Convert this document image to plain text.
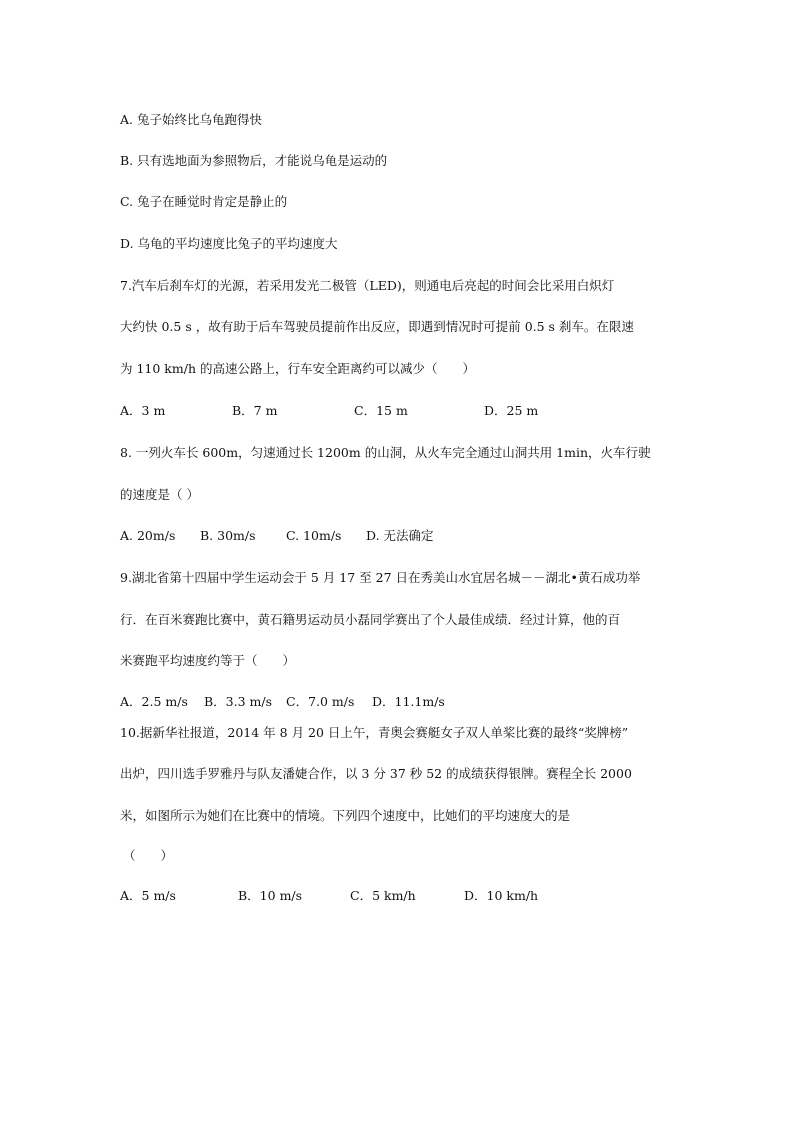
A. 兔子始终比乌龟跑得快
B. 只有选地面为参照物后，才能说乌龟是运动的
C. 兔子在睡觉时肯定是静止的
D. 乌龟的平均速度比兔子的平均速度大
7.汽车后刹车灯的光源，若采用发光二极管（LED)，则通电后亮起的时间会比采用白炽灯
大约快 0.5 s ，故有助于后车驾驶员提前作出反应，即遇到情况时可提前 0.5 s 刹车。在限速
为 110 km/h 的高速公路上，行车安全距离约可以减少（　　）
A．3 m	B．7 m	C．15 m	D．25 m
8. 一列火车长 600m，匀速通过长 1200m 的山洞，从火车完全通过山洞共用 1min，火车行驶
的速度是（ ）
A. 20m/s B. 30m/s C. 10m/s D. 无法确定
9.湖北省第十四届中学生运动会于 5 月 17 至 27 日在秀美山水宜居名城－－湖北•黄石成功举
行．在百米赛跑比赛中，黄石籍男运动员小磊同学赛出了个人最佳成绩．经过计算，他的百
米赛跑平均速度约等于（　　）
A．2.5 m/s B．3.3 m/s C．7.0 m/s D．11.1m/s
10.据新华社报道，2014 年 8 月 20 日上午，青奥会赛艇女子双人单桨比赛的最终“奖牌榜”
出炉，四川选手罗雅丹与队友潘婕合作，以 3 分 37 秒 52 的成绩获得银牌。赛程全长 2000
米，如图所示为她们在比赛中的情境。下列四个速度中，比她们的平均速度大的是
（　　）
A．5 m/s	B．10 m/s	C．5 km/h	D．10 km/h
